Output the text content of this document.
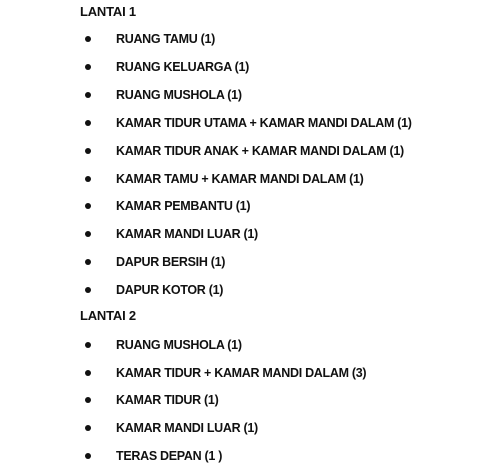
LANTAI 1
RUANG TAMU (1)
RUANG KELUARGA (1)
RUANG MUSHOLA (1)
KAMAR TIDUR UTAMA + KAMAR MANDI DALAM (1)
KAMAR TIDUR ANAK + KAMAR MANDI DALAM (1)
KAMAR TAMU + KAMAR MANDI DALAM (1)
KAMAR PEMBANTU (1)
KAMAR MANDI LUAR (1)
DAPUR BERSIH (1)
DAPUR KOTOR (1)
LANTAI 2
RUANG MUSHOLA (1)
KAMAR TIDUR + KAMAR MANDI DALAM (3)
KAMAR TIDUR (1)
KAMAR MANDI LUAR (1)
TERAS DEPAN (1 )
